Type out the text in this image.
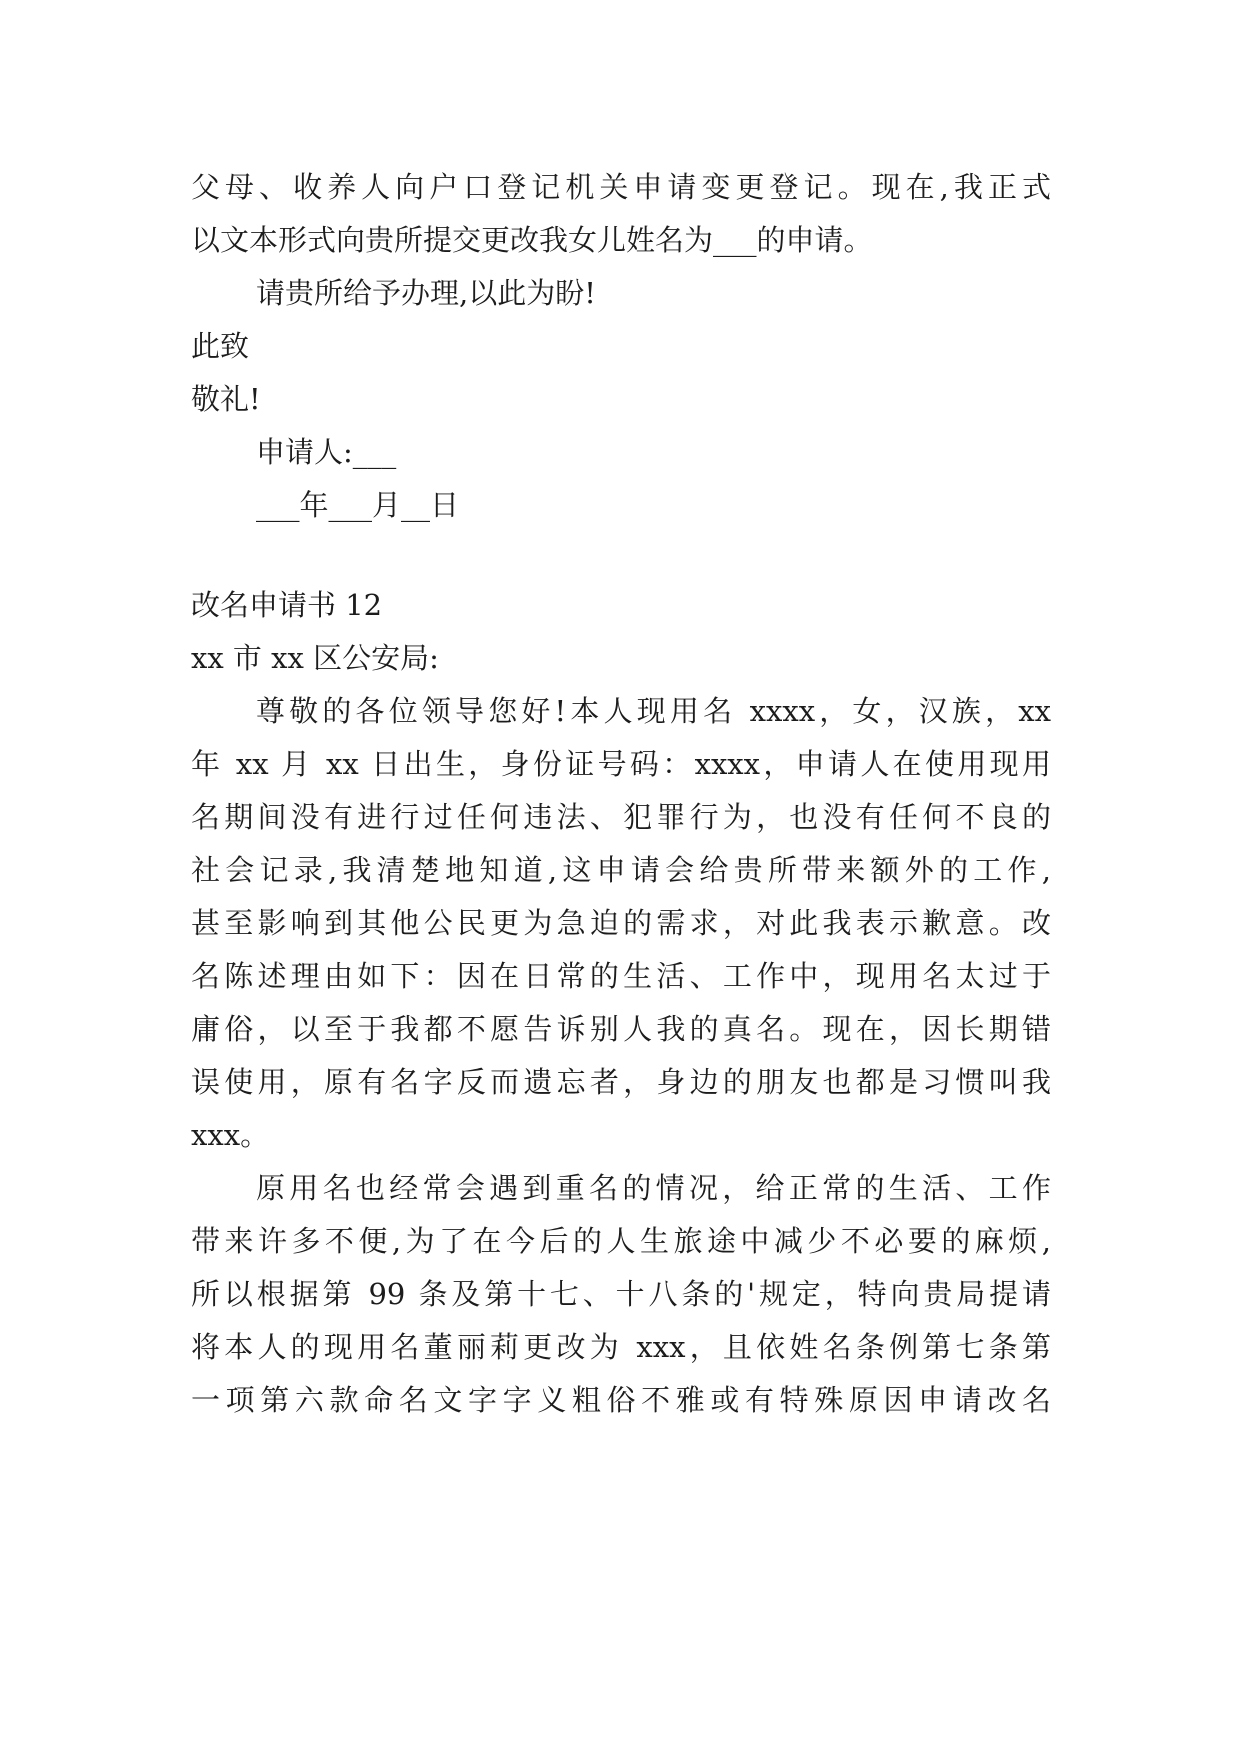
父母、收养人向户口登记机关申请变更登记。现在,我正式
以文本形式向贵所提交更改我女儿姓名为___的申请。
请贵所给予办理,以此为盼!
此致
敬礼!
申请人:___
___年___月__日
改名申请书 12
xx 市 xx 区公安局:
尊敬的各位领导您好!本人现用名 xxxx，女，汉族，xx
年 xx 月 xx 日出生，身份证号码：xxxx，申请人在使用现用
名期间没有进行过任何违法、犯罪行为，也没有任何不良的
社会记录,我清楚地知道,这申请会给贵所带来额外的工作,
甚至影响到其他公民更为急迫的需求，对此我表示歉意。改
名陈述理由如下：因在日常的生活、工作中，现用名太过于
庸俗，以至于我都不愿告诉别人我的真名。现在，因长期错
误使用，原有名字反而遗忘者，身边的朋友也都是习惯叫我
xxx。
原用名也经常会遇到重名的情况，给正常的生活、工作
带来许多不便,为了在今后的人生旅途中减少不必要的麻烦,
所以根据第 99 条及第十七、十八条的'规定，特向贵局提请
将本人的现用名董丽莉更改为 xxx，且依姓名条例第七条第
一项第六款命名文字字义粗俗不雅或有特殊原因申请改名
